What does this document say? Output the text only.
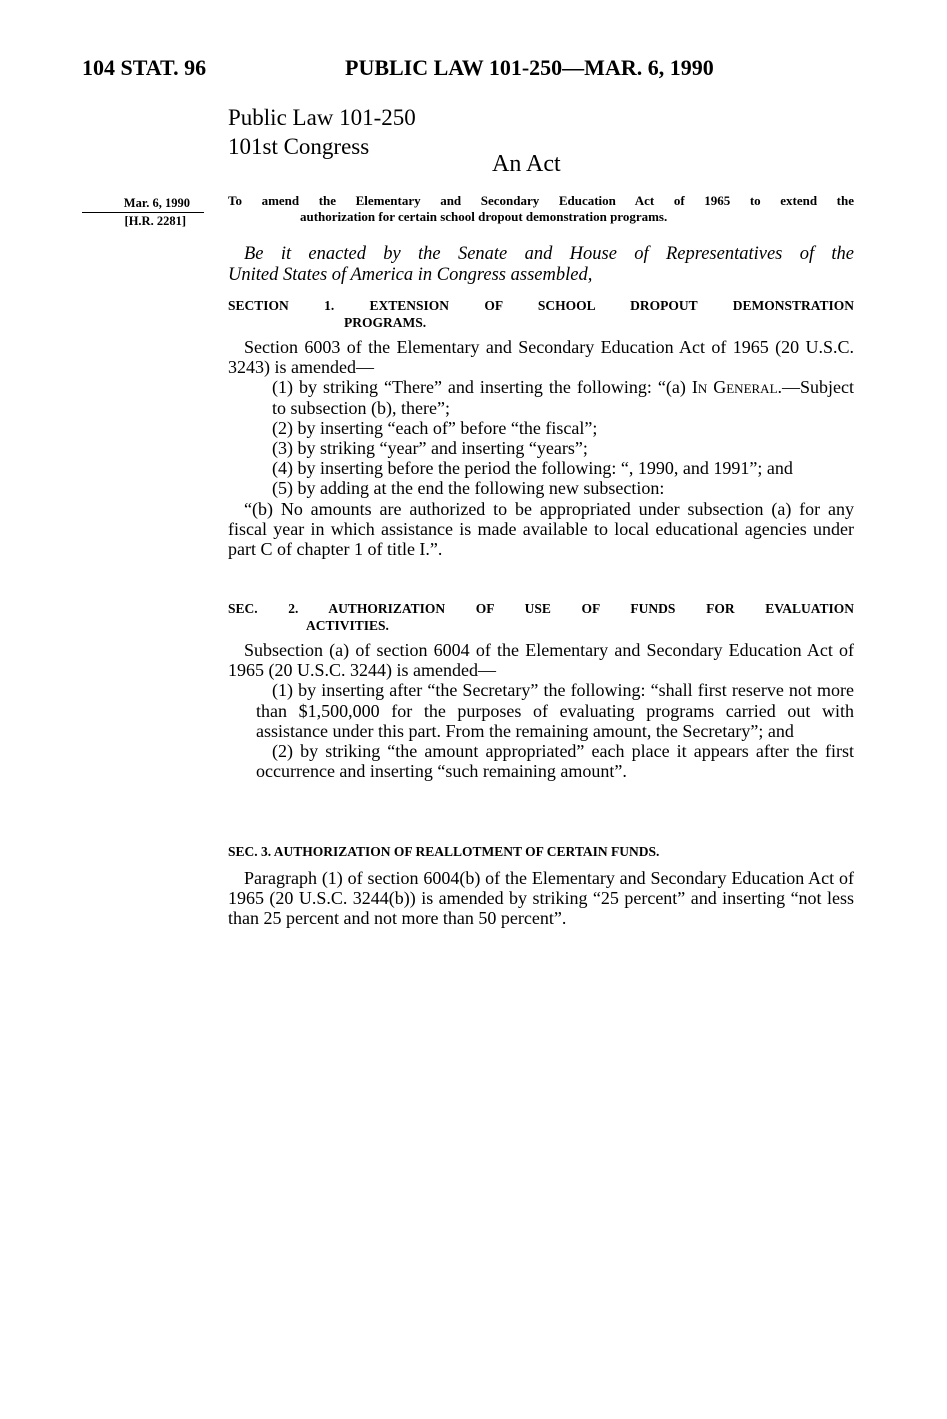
104 STAT. 96	PUBLIC LAW 101-250—MAR. 6, 1990
Public Law 101-250
101st Congress
An Act
Mar. 6, 1990
[H.R. 2281]
To amend the Elementary and Secondary Education Act of 1965 to extend the
authorization for certain school dropout demonstration programs.
Be it enacted by the Senate and House of Representatives of the
United States of America in Congress assembled,
SECTION 1. EXTENSION OF SCHOOL DROPOUT DEMONSTRATION
PROGRAMS.

Section 6003 of the Elementary and Secondary Education Act of 1965 (20 U.S.C. 3243) is amended—

(1) by striking “There” and inserting the following: “(a) In General.—Subject to subsection (b), there”;

(2) by inserting “each of” before “the fiscal”;

(3) by striking “year” and inserting “years”;

(4) by inserting before the period the following: “, 1990, and 1991”; and

(5) by adding at the end the following new subsection:

“(b) No amounts are authorized to be appropriated under subsection (a) for any fiscal year in which assistance is made available to local educational agencies under part C of chapter 1 of title I.”.

SEC. 2. AUTHORIZATION OF USE OF FUNDS FOR EVALUATION
ACTIVITIES.

Subsection (a) of section 6004 of the Elementary and Secondary Education Act of 1965 (20 U.S.C. 3244) is amended—

(1) by inserting after “the Secretary” the following: “shall first reserve not more than $1,500,000 for the purposes of evaluating programs carried out with assistance under this part. From the remaining amount, the Secretary”; and

(2) by striking “the amount appropriated” each place it appears after the first occurrence and inserting “such remaining amount”.

SEC. 3. AUTHORIZATION OF REALLOTMENT OF CERTAIN FUNDS.

Paragraph (1) of section 6004(b) of the Elementary and Secondary Education Act of 1965 (20 U.S.C. 3244(b)) is amended by striking “25 percent” and inserting “not less than 25 percent and not more than 50 percent”.
